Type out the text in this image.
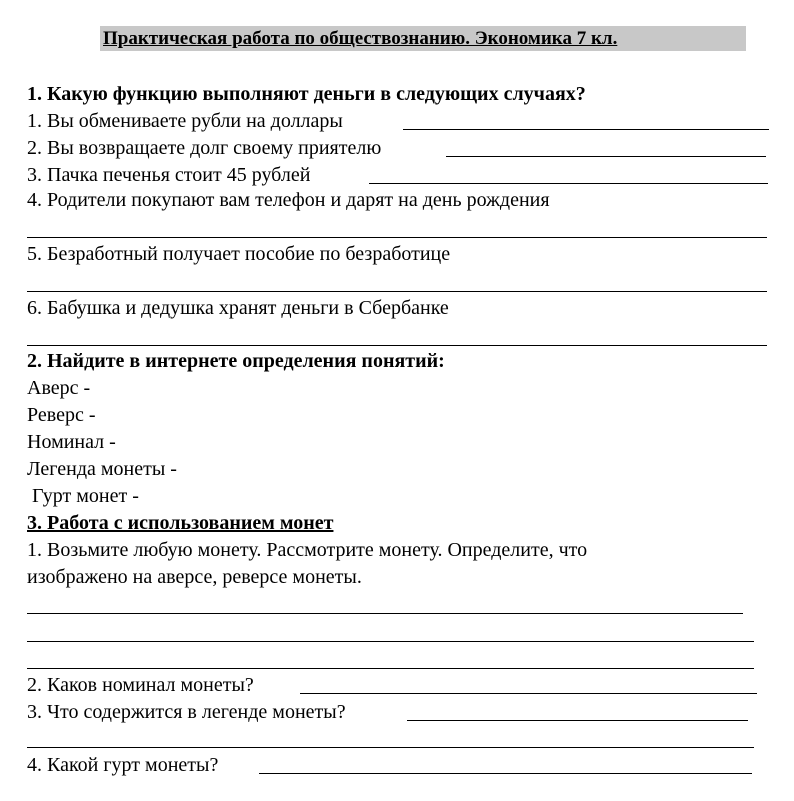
Практическая работа по обществознанию. Экономика 7 кл.
1. Какую функцию выполняют деньги в следующих случаях?
1. Вы обмениваете рубли на доллары
2. Вы возвращаете долг своему приятелю
3. Пачка печенья стоит 45 рублей
4. Родители покупают вам телефон и дарят на день рождения
5. Безработный получает пособие по безработице
6. Бабушка и дедушка хранят деньги в Сбербанке
2. Найдите в интернете определения понятий:
Аверс -
Реверс -
Номинал -
Легенда монеты -
Гурт монет -
3. Работа с использованием монет
1. Возьмите любую монету. Рассмотрите монету. Определите, что
изображено на аверсе, реверсе монеты.
2. Каков номинал монеты?
3. Что содержится в легенде монеты?
4. Какой гурт монеты?
